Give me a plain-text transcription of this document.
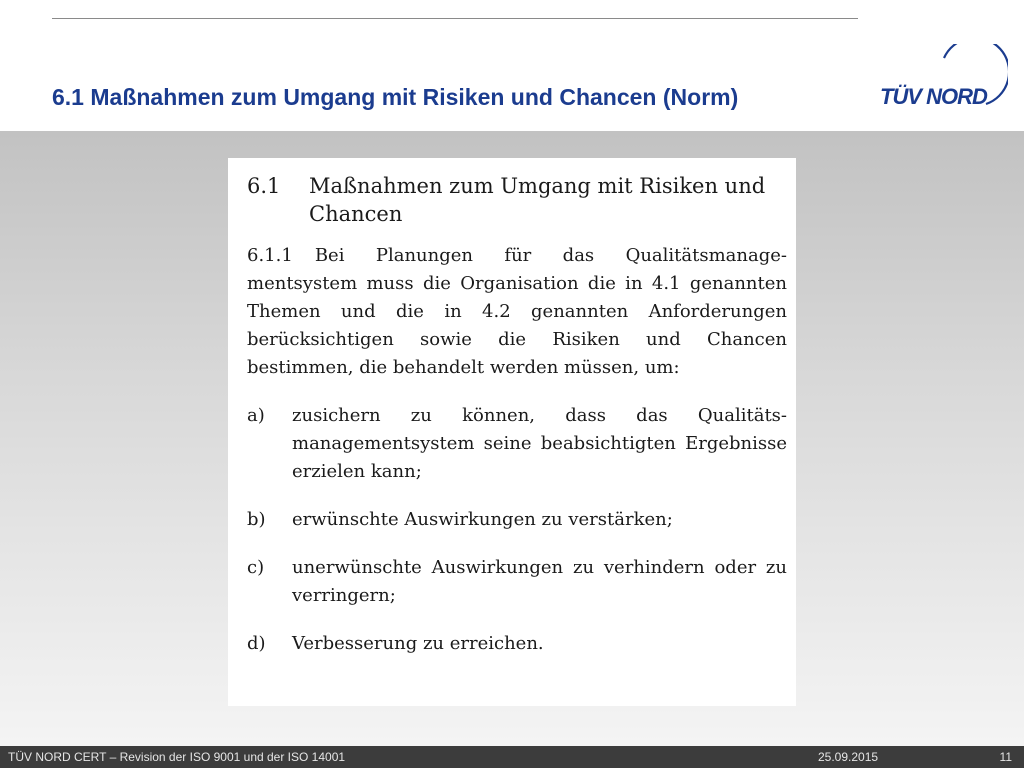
6.1 Maßnahmen zum Umgang mit Risiken und Chancen (Norm)	TÜV NORD
6.1	Maßnahmen zum Umgang mit Risiken und Chancen

6.1.1 Bei Planungen für das Qualitätsmanage-mentsystem muss die Organisation die in 4.1 genannten Themen und die in 4.2 genannten Anforderungen berücksichtigen sowie die Risiken und Chancen bestimmen, die behandelt werden müssen, um:

a)	zusichern zu können, dass das Qualitäts-managementsystem seine beabsichtigten Ergebnisse erzielen kann;
b)	erwünschte Auswirkungen zu verstärken;
c)	unerwünschte Auswirkungen zu verhindern oder zu verringern;
d)	Verbesserung zu erreichen.
TÜV NORD CERT – Revision der ISO 9001 und der ISO 14001	25.09.2015	11
